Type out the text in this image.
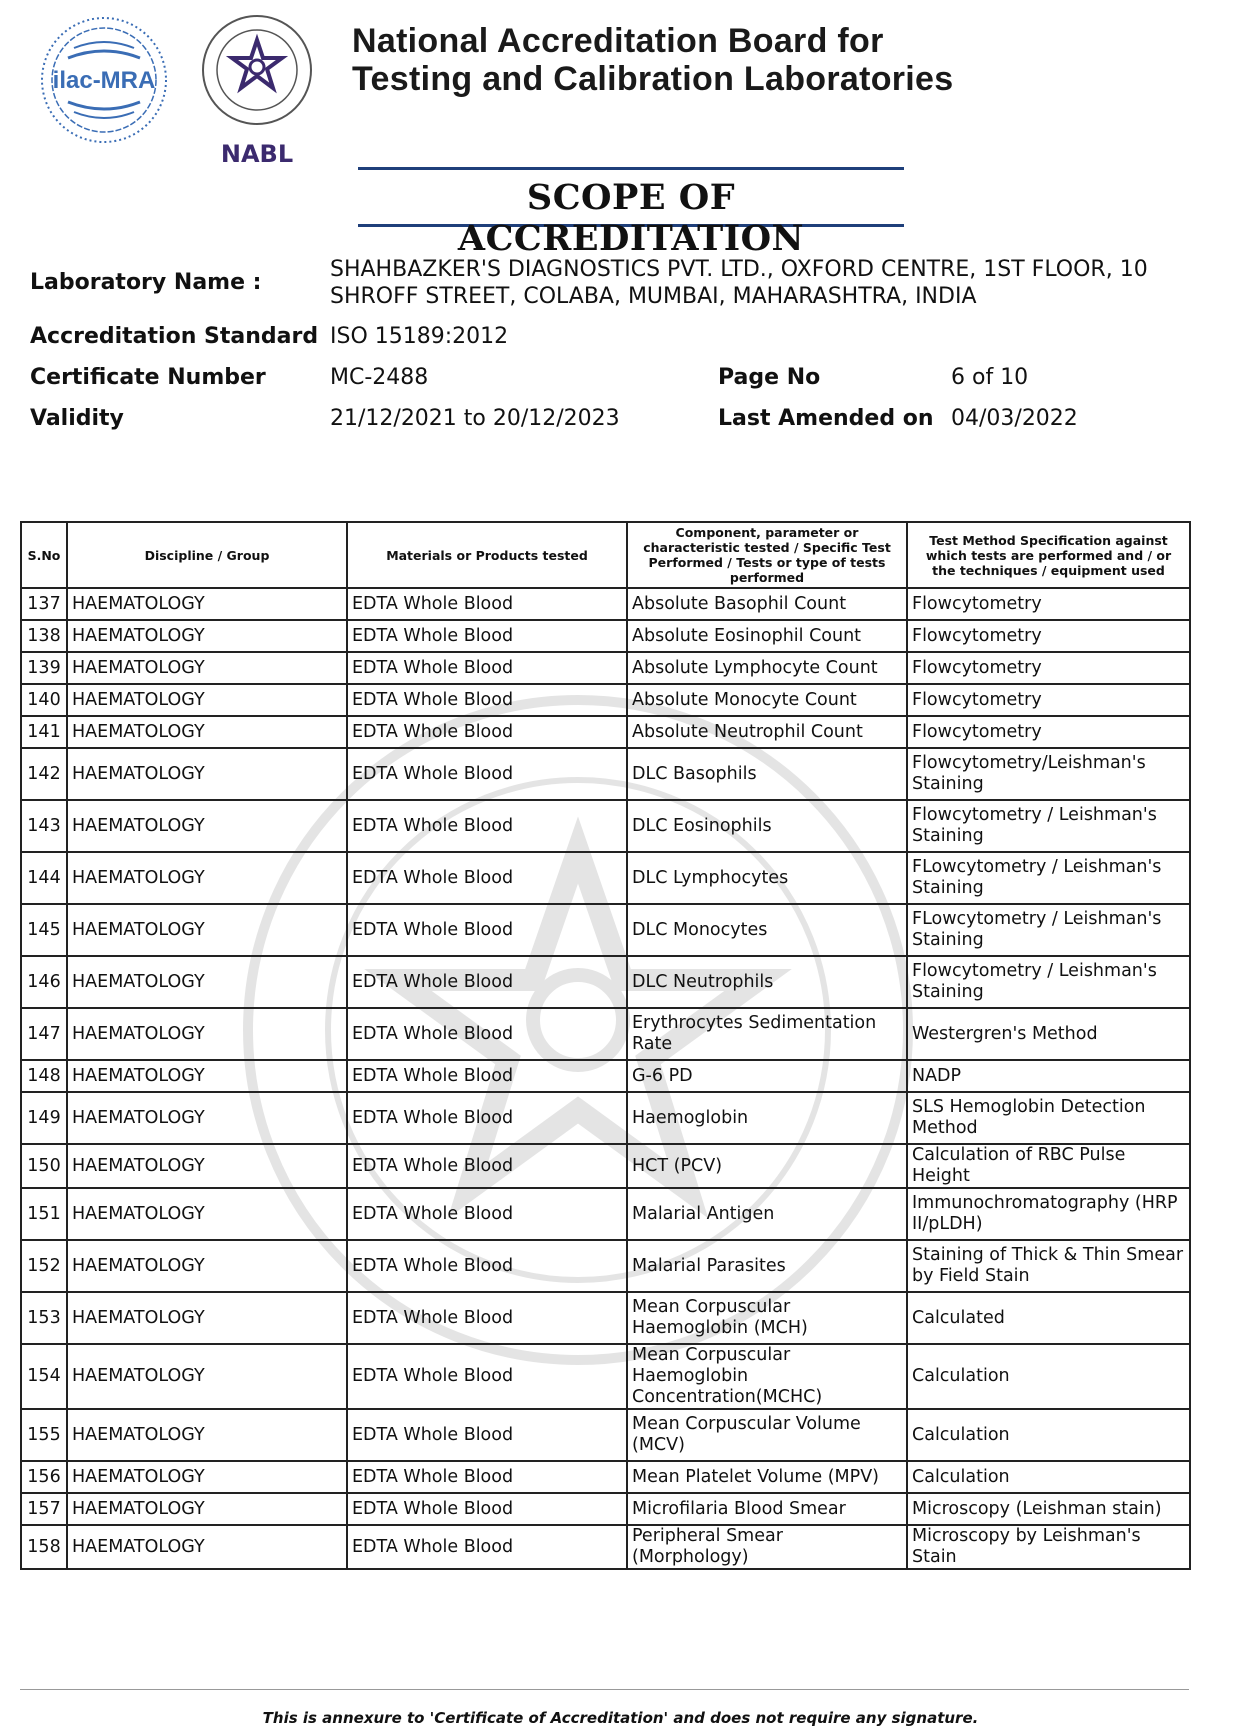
ilac-MRA
NABL
National Accreditation Board for
Testing and Calibration Laboratories
SCOPE OF ACCREDITATION
Laboratory Name :
SHAHBAZKER'S DIAGNOSTICS PVT. LTD., OXFORD CENTRE, 1ST FLOOR, 10
SHROFF STREET, COLABA, MUMBAI, MAHARASHTRA, INDIA
Accreditation Standard ISO 15189:2012
Certificate Number	MC-2488	Page No	6 of 10
Validity	21/12/2021 to 20/12/2023	Last Amended on 04/03/2022
S.No	Discipline / Group	Materials or Products tested	Component, parameter or characteristic tested / Specific Test Performed / Tests or type of tests performed	Test Method Specification against which tests are performed and / or the techniques / equipment used
137	HAEMATOLOGY	EDTA Whole Blood	Absolute Basophil Count	Flowcytometry
138	HAEMATOLOGY	EDTA Whole Blood	Absolute Eosinophil Count	Flowcytometry
139	HAEMATOLOGY	EDTA Whole Blood	Absolute Lymphocyte Count	Flowcytometry
140	HAEMATOLOGY	EDTA Whole Blood	Absolute Monocyte Count	Flowcytometry
141	HAEMATOLOGY	EDTA Whole Blood	Absolute Neutrophil Count	Flowcytometry
142	HAEMATOLOGY	EDTA Whole Blood	DLC Basophils	Flowcytometry/Leishman's Staining
143	HAEMATOLOGY	EDTA Whole Blood	DLC Eosinophils	Flowcytometry / Leishman's Staining
144	HAEMATOLOGY	EDTA Whole Blood	DLC Lymphocytes	FLowcytometry / Leishman's Staining
145	HAEMATOLOGY	EDTA Whole Blood	DLC Monocytes	FLowcytometry / Leishman's Staining
146	HAEMATOLOGY	EDTA Whole Blood	DLC Neutrophils	Flowcytometry / Leishman's Staining
147	HAEMATOLOGY	EDTA Whole Blood	Erythrocytes Sedimentation Rate	Westergren's Method
148	HAEMATOLOGY	EDTA Whole Blood	G-6 PD	NADP
149	HAEMATOLOGY	EDTA Whole Blood	Haemoglobin	SLS Hemoglobin Detection Method
150	HAEMATOLOGY	EDTA Whole Blood	HCT (PCV)	Calculation of RBC Pulse Height
151	HAEMATOLOGY	EDTA Whole Blood	Malarial Antigen	Immunochromatography (HRP II/pLDH)
152	HAEMATOLOGY	EDTA Whole Blood	Malarial Parasites	Staining of Thick & Thin Smear by Field Stain
153	HAEMATOLOGY	EDTA Whole Blood	Mean Corpuscular Haemoglobin (MCH)	Calculated
154	HAEMATOLOGY	EDTA Whole Blood	Mean Corpuscular Haemoglobin Concentration(MCHC)	Calculation
155	HAEMATOLOGY	EDTA Whole Blood	Mean Corpuscular Volume (MCV)	Calculation
156	HAEMATOLOGY	EDTA Whole Blood	Mean Platelet Volume (MPV)	Calculation
157	HAEMATOLOGY	EDTA Whole Blood	Microfilaria Blood Smear	Microscopy (Leishman stain)
158	HAEMATOLOGY	EDTA Whole Blood	Peripheral Smear (Morphology)	Microscopy by Leishman's Stain
This is annexure to 'Certificate of Accreditation' and does not require any signature.
